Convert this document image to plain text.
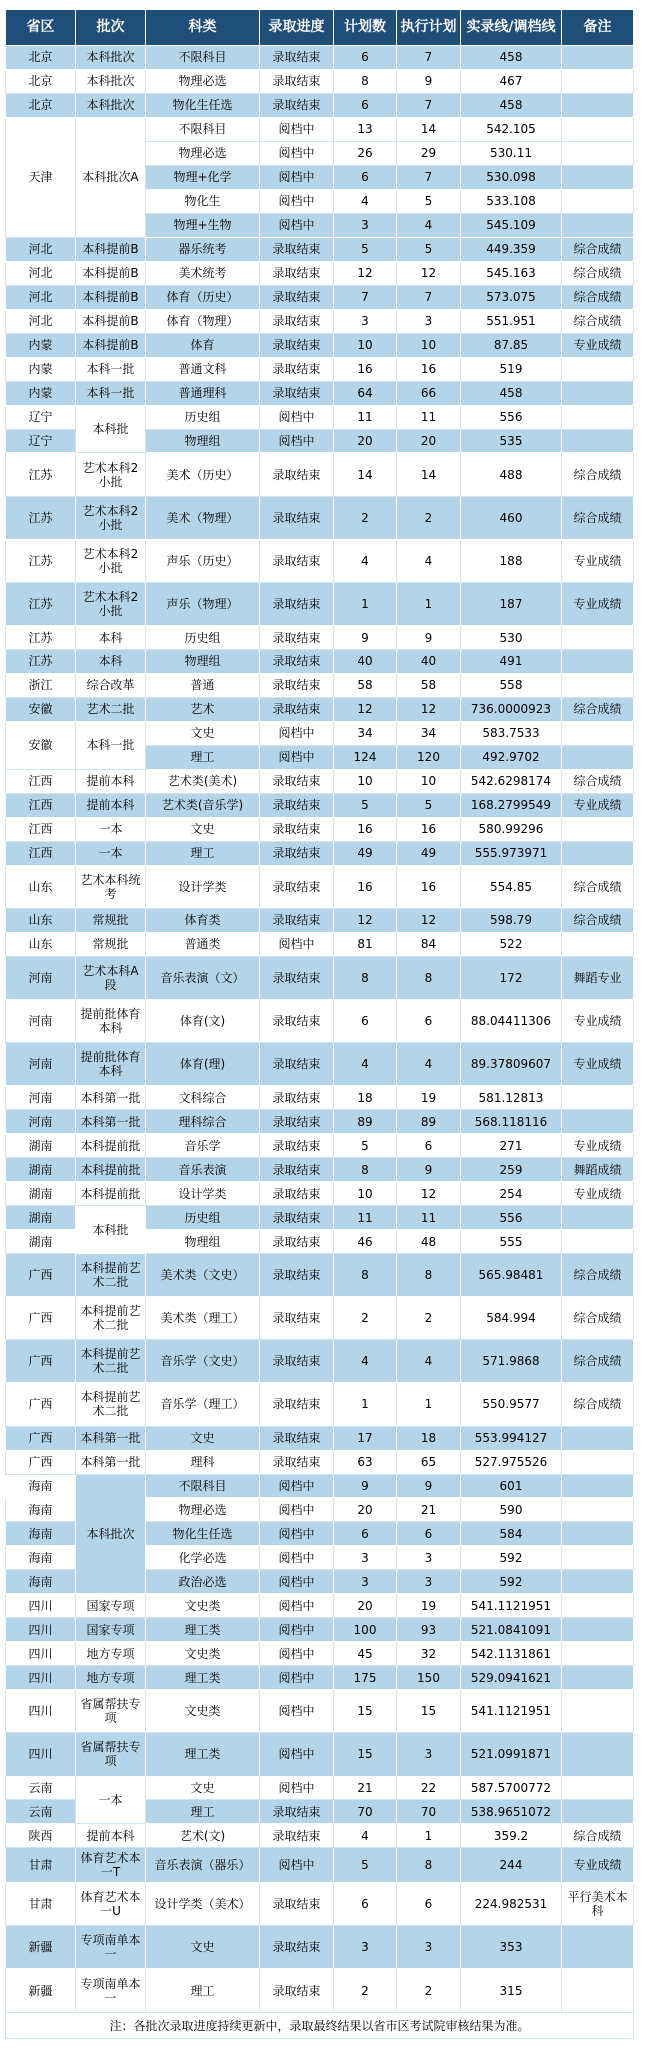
省区	批次	科类	录取进度	计划数	执行计划	实录线/调档线	备注
北京	本科批次	不限科目	录取结束	6	7	458	
北京	本科批次	物理必选	录取结束	8	9	467	
北京	本科批次	物化生任选	录取结束	6	7	458	
天津	本科批次A	不限科目	阅档中	13	14	542.105	
		物理必选	阅档中	26	29	530.11	
		物理+化学	阅档中	6	7	530.098	
		物化生	阅档中	4	5	533.108	
		物理+生物	阅档中	3	4	545.109	
河北	本科提前B	器乐统考	录取结束	5	5	449.359	综合成绩
河北	本科提前B	美术统考	录取结束	12	12	545.163	综合成绩
河北	本科提前B	体育（历史）	录取结束	7	7	573.075	综合成绩
河北	本科提前B	体育（物理）	录取结束	3	3	551.951	综合成绩
内蒙	本科提前B	体育	录取结束	10	10	87.85	专业成绩
内蒙	本科一批	普通文科	录取结束	16	16	519	
内蒙	本科一批	普通理科	录取结束	64	66	458	
辽宁	本科批	历史组	阅档中	11	11	556	
辽宁		物理组	阅档中	20	20	535	
江苏	艺术本科2小批	美术（历史）	录取结束	14	14	488	综合成绩
江苏	艺术本科2小批	美术（物理）	录取结束	2	2	460	综合成绩
江苏	艺术本科2小批	声乐（历史）	录取结束	4	4	188	专业成绩
江苏	艺术本科2小批	声乐（物理）	录取结束	1	1	187	专业成绩
江苏	本科	历史组	录取结束	9	9	530	
江苏	本科	物理组	录取结束	40	40	491	
浙江	综合改革	普通	录取结束	58	58	558	
安徽	艺术二批	艺术	录取结束	12	12	736.0000923	综合成绩
安徽	本科一批	文史	阅档中	34	34	583.7533	
		理工	阅档中	124	120	492.9702	
江西	提前本科	艺术类(美术)	录取结束	10	10	542.6298174	综合成绩
江西	提前本科	艺术类(音乐学)	录取结束	5	5	168.2799549	专业成绩
江西	一本	文史	录取结束	16	16	580.99296	
江西	一本	理工	录取结束	49	49	555.973971	
山东	艺术本科统考	设计学类	录取结束	16	16	554.85	综合成绩
山东	常规批	体育类	录取结束	12	12	598.79	综合成绩
山东	常规批	普通类	阅档中	81	84	522	
河南	艺术本科A段	音乐表演（文）	录取结束	8	8	172	舞蹈专业
河南	提前批体育本科	体育(文)	录取结束	6	6	88.04411306	专业成绩
河南	提前批体育本科	体育(理)	录取结束	4	4	89.37809607	专业成绩
河南	本科第一批	文科综合	录取结束	18	19	581.12813	
河南	本科第一批	理科综合	录取结束	89	89	568.118116	
湖南	本科提前批	音乐学	录取结束	5	6	271	专业成绩
湖南	本科提前批	音乐表演	录取结束	8	9	259	舞蹈成绩
湖南	本科提前批	设计学类	录取结束	10	12	254	专业成绩
湖南	本科批	历史组	录取结束	11	11	556	
湖南		物理组	录取结束	46	48	555	
广西	本科提前艺术二批	美术类（文史）	录取结束	8	8	565.98481	综合成绩
广西	本科提前艺术二批	美术类（理工）	录取结束	2	2	584.994	综合成绩
广西	本科提前艺术二批	音乐学（文史）	录取结束	4	4	571.9868	综合成绩
广西	本科提前艺术二批	音乐学（理工）	录取结束	1	1	550.9577	综合成绩
广西	本科第一批	文史	录取结束	17	18	553.994127	
广西	本科第一批	理科	录取结束	63	65	527.975526	
海南	本科批次	不限科目	阅档中	9	9	601	
海南		物理必选	阅档中	20	21	590	
海南		物化生任选	阅档中	6	6	584	
海南		化学必选	阅档中	3	3	592	
海南		政治必选	阅档中	3	3	592	
四川	国家专项	文史类	阅档中	20	19	541.1121951	
四川	国家专项	理工类	阅档中	100	93	521.0841091	
四川	地方专项	文史类	阅档中	45	32	542.1131861	
四川	地方专项	理工类	阅档中	175	150	529.0941621	
四川	省属帮扶专项	文史类	阅档中	15	15	541.1121951	
四川	省属帮扶专项	理工类	阅档中	15	3	521.0991871	
云南	一本	文史	阅档中	21	22	587.5700772	
云南		理工	录取结束	70	70	538.9651072	
陕西	提前本科	艺术(文)	录取结束	4	1	359.2	综合成绩
甘肃	体育艺术本一T	音乐表演（器乐）	阅档中	5	8	244	专业成绩
甘肃	体育艺术本一U	设计学类（美术）	录取结束	6	6	224.982531	平行美术本科
新疆	专项南单本一	文史	录取结束	3	3	353	
新疆	专项南单本一	理工	录取结束	2	2	315	
注：各批次录取进度持续更新中，录取最终结果以省市区考试院审核结果为准。							
